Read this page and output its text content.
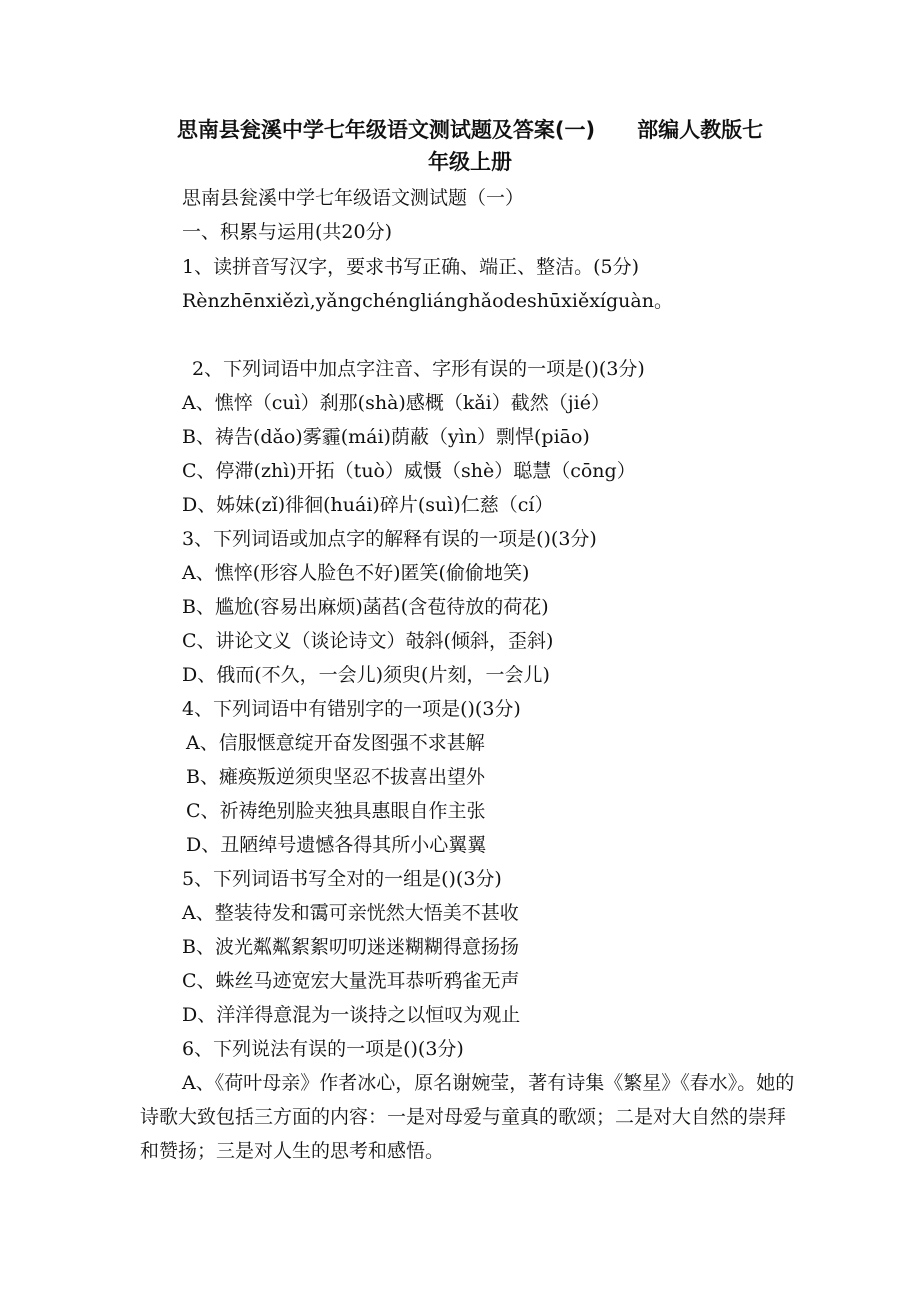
思南县瓮溪中学七年级语文测试题及答案(一)　　部编人教版七
年级上册
思南县瓮溪中学七年级语文测试题（一）
一、积累与运用(共20分)
1、读拼音写汉字，要求书写正确、端正、整洁。(5分)
Rènzhēnxiězì,yǎngchéngliánghǎodeshūxiěxíguàn。
2、下列词语中加点字注音、字形有误的一项是()(3分)
A、憔悴（cuì）刹那(shà)感概（kǎi）截然（jié）
B、祷告(dǎo)雾霾(mái)荫蔽（yìn）剽悍(piāo)
C、停滞(zhì)开拓（tuò）威慑（shè）聪慧（cōng）
D、姊妹(zǐ)徘徊(huái)碎片(suì)仁慈（cí）
3、下列词语或加点字的解释有误的一项是()(3分)
A、憔悴(形容人脸色不好)匿笑(偷偷地笑)
B、尴尬(容易出麻烦)菡萏(含苞待放的荷花)
C、讲论文义（谈论诗文）攲斜(倾斜，歪斜)
D、俄而(不久，一会儿)须臾(片刻，一会儿)
4、下列词语中有错别字的一项是()(3分)
A、信服惬意绽开奋发图强不求甚解
B、瘫痪叛逆须臾坚忍不拔喜出望外
C、祈祷绝别脸夹独具惠眼自作主张
D、丑陋绰号遗憾各得其所小心翼翼
5、下列词语书写全对的一组是()(3分)
A、整装待发和霭可亲恍然大悟美不甚收
B、波光粼粼絮絮叨叨迷迷糊糊得意扬扬
C、蛛丝马迹宽宏大量洗耳恭听鸦雀无声
D、洋洋得意混为一谈持之以恒叹为观止
6、下列说法有误的一项是()(3分)
A、《荷叶母亲》作者冰心，原名谢婉莹，著有诗集《繁星》《春水》。她的诗歌大致包括三方面的内容：一是对母爱与童真的歌颂；二是对大自然的崇拜和赞扬；三是对人生的思考和感悟。
